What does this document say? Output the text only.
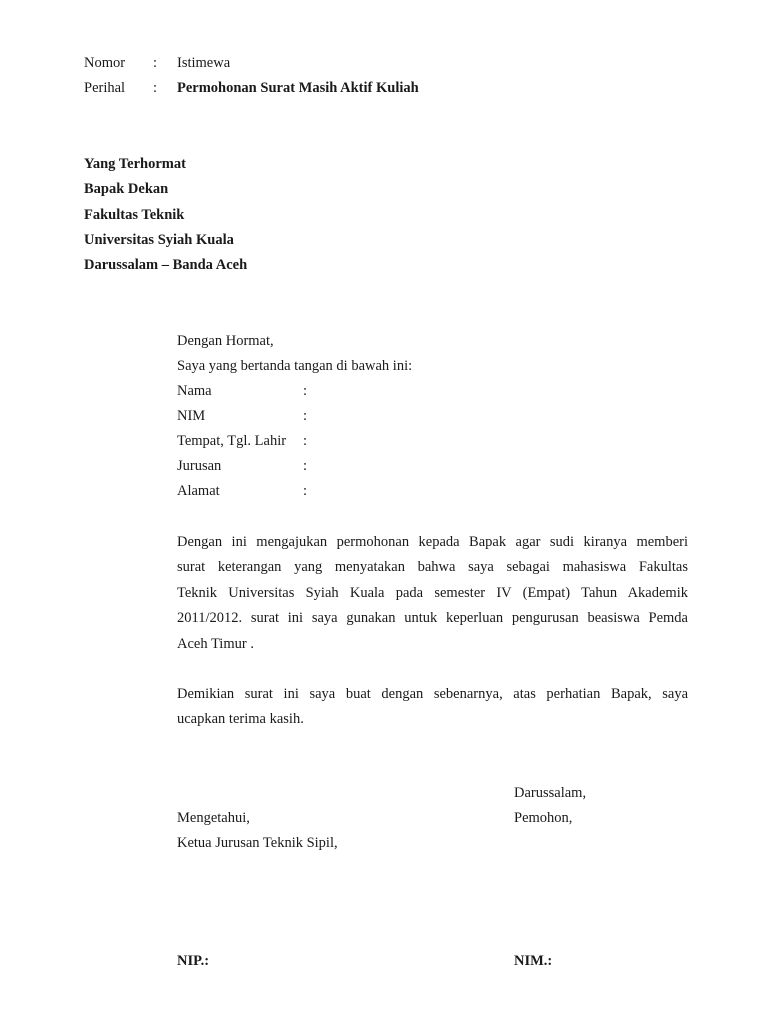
Nomor : Istimewa
Perihal : Permohonan Surat Masih Aktif Kuliah
Yang Terhormat
Bapak Dekan
Fakultas Teknik
Universitas Syiah Kuala
Darussalam – Banda Aceh
Dengan Hormat,
Saya yang bertanda tangan di bawah ini:
Nama	:
NIM	:
Tempat, Tgl. Lahir :
Jurusan	:
Alamat	:
Dengan ini mengajukan permohonan kepada Bapak agar sudi kiranya memberi
surat keterangan yang menyatakan bahwa saya sebagai mahasiswa Fakultas
Teknik Universitas Syiah Kuala pada semester IV (Empat) Tahun Akademik
2011/2012. surat ini saya gunakan untuk keperluan pengurusan beasiswa Pemda
Aceh Timur .
Demikian surat ini saya buat dengan sebenarnya, atas perhatian Bapak, saya
ucapkan terima kasih.
Darussalam,
Mengetahui,	Pemohon,
Ketua Jurusan Teknik Sipil,
NIP.:	NIM.:
